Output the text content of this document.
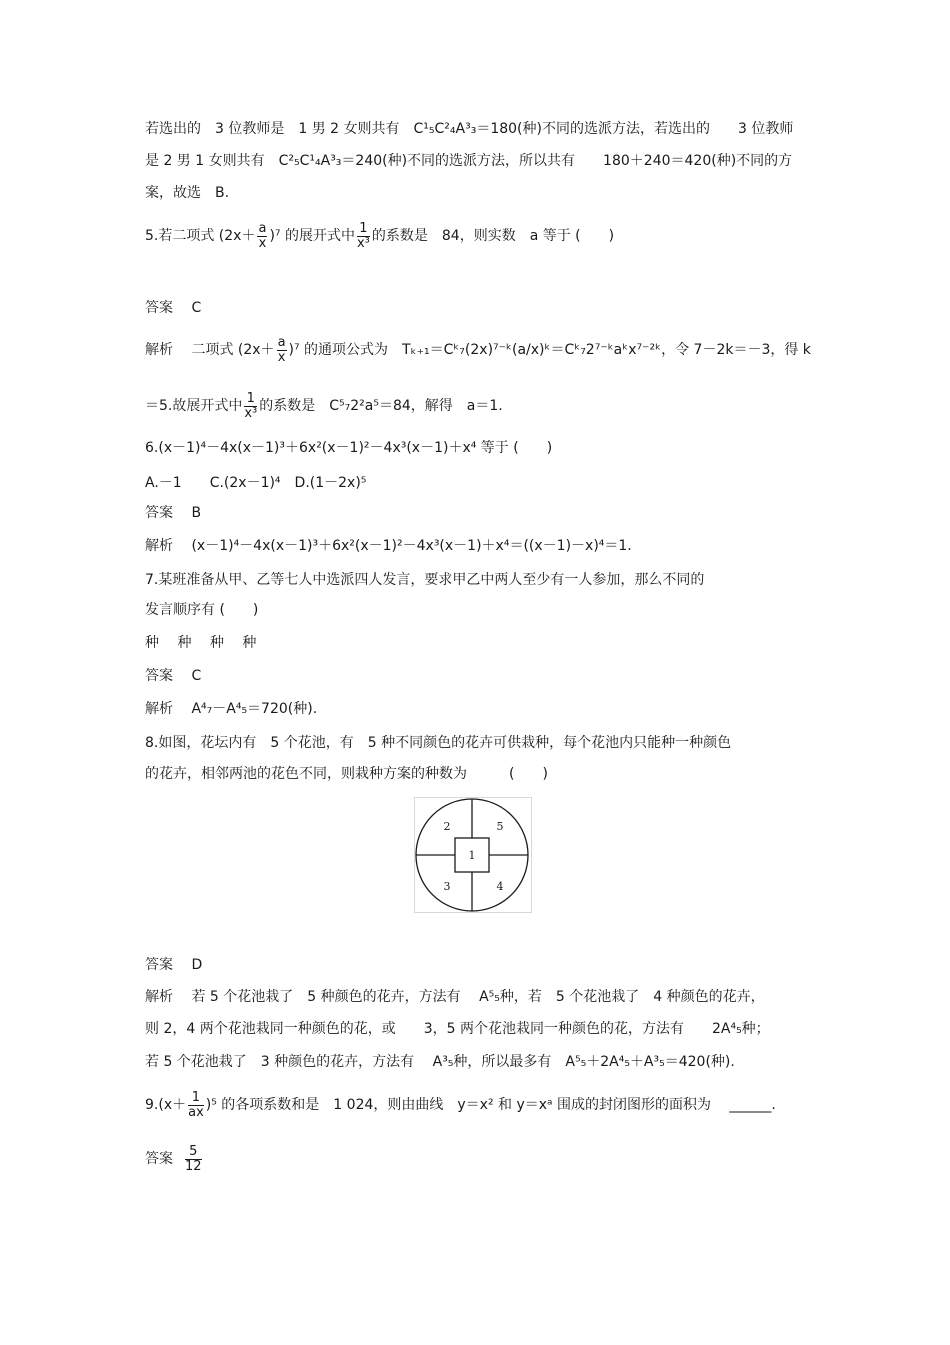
若选出的　3 位教师是　1 男 2 女则共有　C¹₅C²₄A³₃＝180(种)不同的选派方法，若选出的　　3 位教师
是 2 男 1 女则共有　C²₅C¹₄A³₃＝240(种)不同的选派方法，所以共有　　180＋240＝420(种)不同的方
案，故选　B.
5.若二项式 $(2x+ \frac{a}{x} )^7$ 的展开式中 $\frac{1}{\text{x³}}$ 的系数是　84，则实数　a 等于 (　　)
答案　 C
解析　 二项式 $(2x+ \frac{a}{x} )^7$ 的通项公式为　Tₖ₊₁＝Cᵏ₇(2x)⁷⁻ᵏ(a/x)ᵏ＝Cᵏ₇2⁷⁻ᵏaᵏx⁷⁻²ᵏ，令 7－2k＝－3，得 k
＝5.故展开式中 $\frac{1}{\text{x³}}$ 的系数是　C⁵₇2²a⁵＝84，解得　a＝1.
6.(x－1)⁴－4x(x－1)³＋6x²(x－1)²－4x³(x－1)＋x⁴ 等于 (　　)
A.－1　　C.(2x－1)⁴　D.(1－2x)⁵
答案　 B
解析　 (x－1)⁴－4x(x－1)³＋6x²(x－1)²－4x³(x－1)＋x⁴＝((x－1)－x)⁴＝1.
7.某班准备从甲、乙等七人中选派四人发言，要求甲乙中两人至少有一人参加，那么不同的
发言顺序有 (　　)
种　 种　 种　 种
答案　 C
解析　 A⁴₇－A⁴₅＝720(种).
8.如图，花坛内有　5 个花池，有　5 种不同颜色的花卉可供栽种，每个花池内只能种一种颜色
的花卉，相邻两池的花色不同，则栽种方案的种数为　　　(　　)
2	5
1
3	4
答案　 D
解析　 若 5 个花池栽了　5 种颜色的花卉，方法有　 A⁵₅种，若　5 个花池栽了　4 种颜色的花卉，
则 2，4 两个花池栽同一种颜色的花，或　　3，5 两个花池栽同一种颜色的花，方法有　　2A⁴₅种；
若 5 个花池栽了　3 种颜色的花卉，方法有　 A³₅种，所以最多有　A⁵₅＋2A⁴₅＋A³₅＝420(种).
$9.(x+ \frac{1}{ax} )^5$ 的各项系数和是　1 024，则由曲线　y＝x² 和 y＝xᵃ 围成的封闭图形的面积为　 ______.
答案 $\frac{5}{12}$
